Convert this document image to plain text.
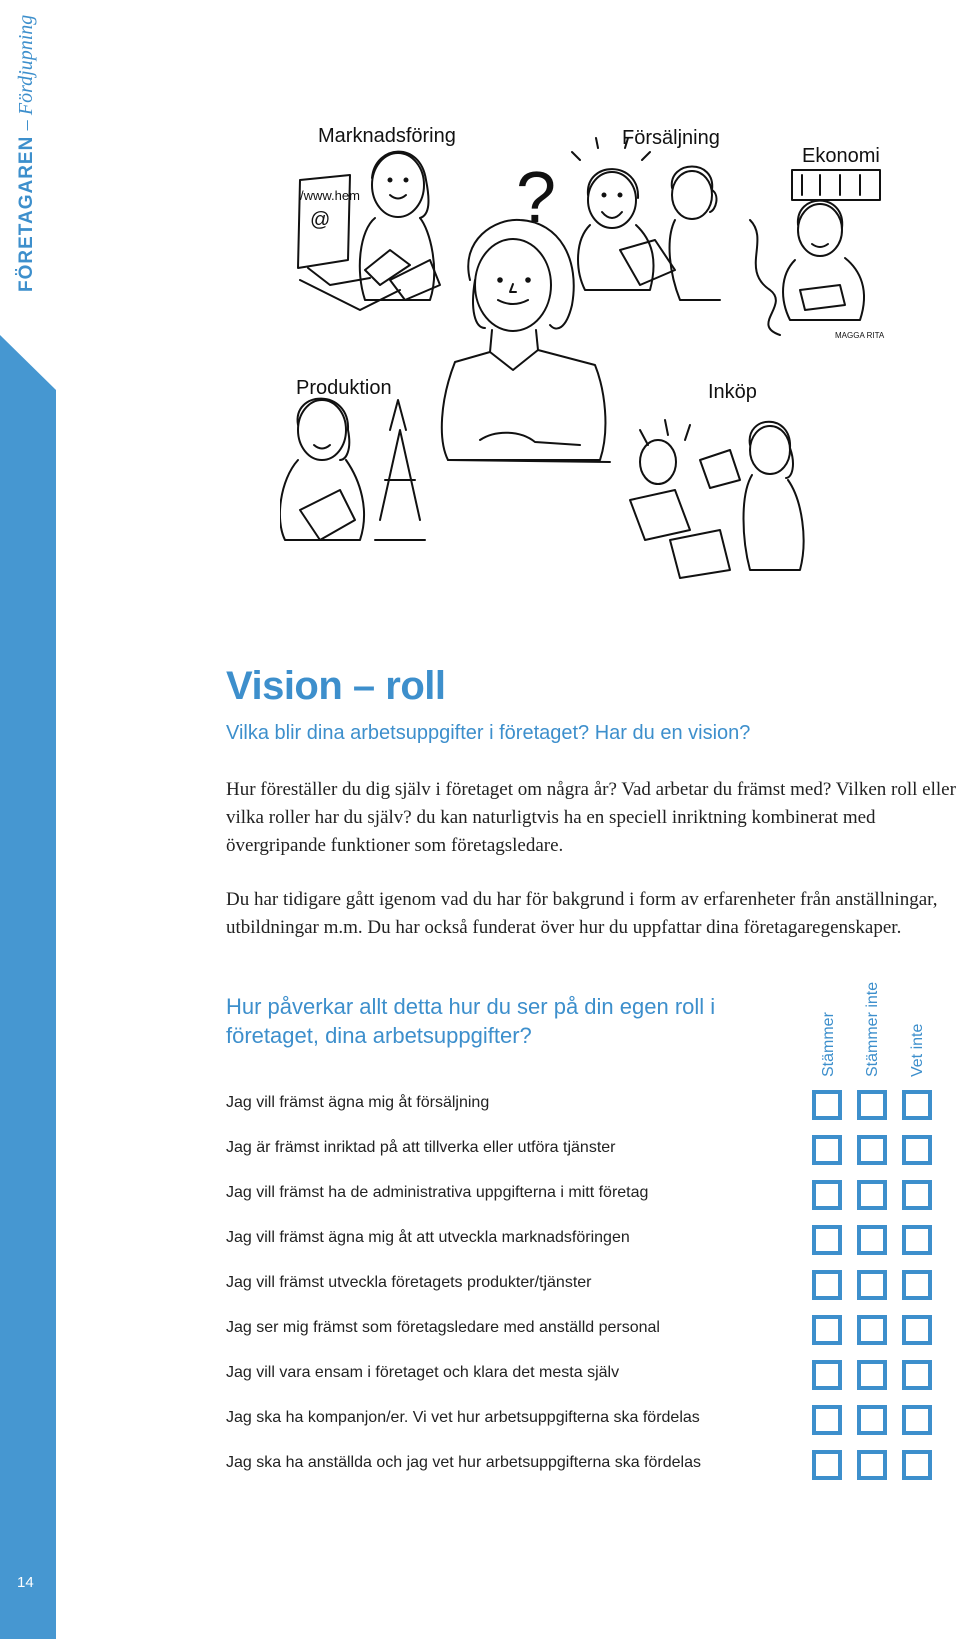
FÖRETAGAREN – Fördjupning
14
Marknadsföring	Försäljning
Ekonomi
Produktion	Inköp
?
/www.hem
@
MAGGA RITA
Vision – roll
Vilka blir dina arbetsuppgifter i företaget? Har du en vision?

Hur föreställer du dig själv i företaget om några år? Vad arbetar du främst med? Vilken roll eller vilka roller har du själv? du kan naturligtvis ha en speciell inriktning kombinerat med övergripande funktioner som företagsledare.

Du har tidigare gått igenom vad du har för bakgrund i form av erfarenheter från anställningar, utbildningar m.m. Du har också funderat över hur du uppfattar dina företagaregenskaper.

Hur påverkar allt detta hur du ser på din egen roll i företaget, dina arbetsuppgifter?	Stämmer Stämmer inte Vet inte
Jag vill främst ägna mig åt försäljning
Jag är främst inriktad på att tillverka eller utföra tjänster
Jag vill främst ha de administrativa uppgifterna i mitt företag
Jag vill främst ägna mig åt att utveckla marknadsföringen
Jag vill främst utveckla företagets produkter/tjänster
Jag ser mig främst som företagsledare med anställd personal
Jag vill vara ensam i företaget och klara det mesta själv
Jag ska ha kompanjon/er. Vi vet hur arbetsuppgifterna ska fördelas
Jag ska ha anställda och jag vet hur arbetsuppgifterna ska fördelas
